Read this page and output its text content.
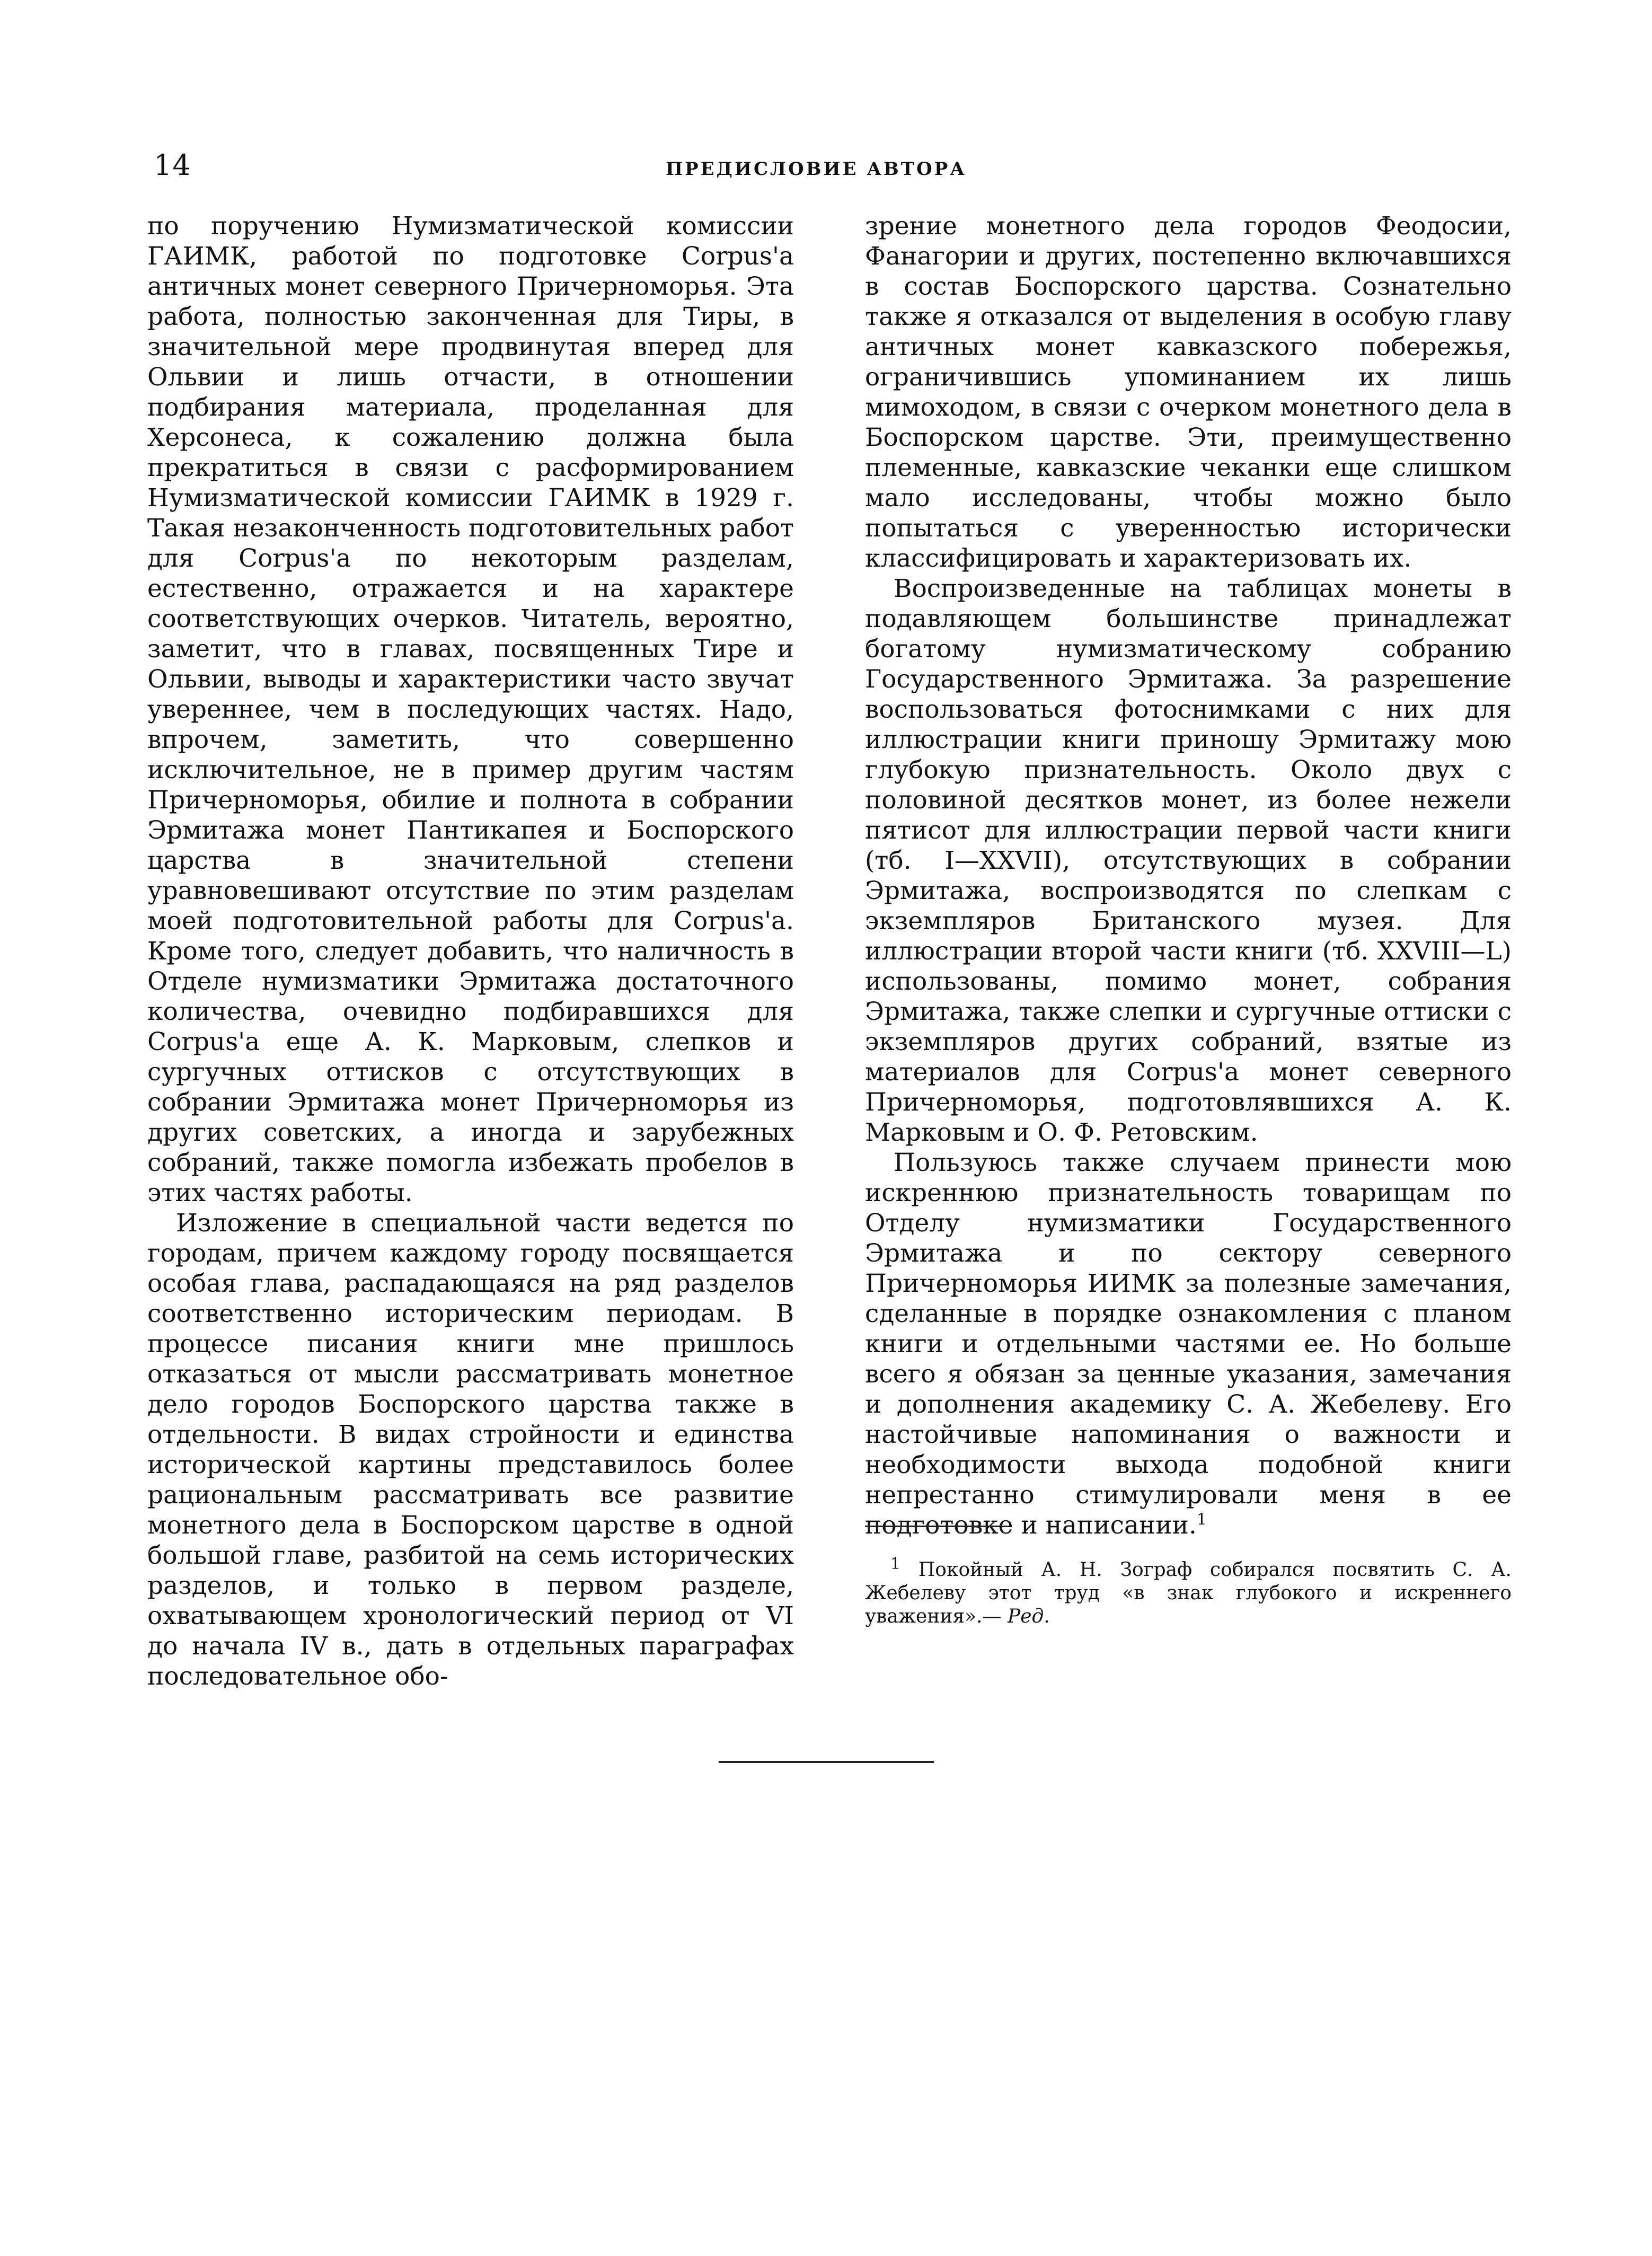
14	ПРЕДИСЛОВИЕ АВТОРА

по поручению Нумизматической комиссии ГАИМК, работой по подготовке Corpus'а античных монет северного Причерноморья. Эта работа, полностью законченная для Тиры, в значительной мере продвинутая вперед для Ольвии и лишь отчасти, в отношении подбирания материала, проделанная для Херсонеса, к сожалению должна была прекратиться в связи с расформированием Нумизматической комиссии ГАИМК в 1929 г. Такая незаконченность подготовительных работ для Corpus'а по некоторым разделам, естественно, отражается и на характере соответствующих очерков. Читатель, вероятно, заметит, что в главах, посвященных Тире и Ольвии, выводы и характеристики часто звучат увереннее, чем в последующих частях. Надо, впрочем, заметить, что совершенно исключительное, не в пример другим частям Причерноморья, обилие и полнота в собрании Эрмитажа монет Пантикапея и Боспорского царства в значительной степени уравновешивают отсутствие по этим разделам моей подготовительной работы для Corpus'а. Кроме того, следует добавить, что наличность в Отделе нумизматики Эрмитажа достаточного количества, очевидно подбиравшихся для Corpus'а еще А. К. Марковым, слепков и сургучных оттисков с отсутствующих в собрании Эрмитажа монет Причерноморья из других советских, а иногда и зарубежных собраний, также помогла избежать пробелов в этих частях работы.

Изложение в специальной части ведется по городам, причем каждому городу посвящается особая глава, распадающаяся на ряд разделов соответственно историческим периодам. В процессе писания книги мне пришлось отказаться от мысли рассматривать монетное дело городов Боспорского царства также в отдельности. В видах стройности и единства исторической картины представилось более рациональным рассматривать все развитие монетного дела в Боспорском царстве в одной большой главе, разбитой на семь исторических разделов, и только в первом разделе, охватывающем хронологический период от VI до начала IV в., дать в отдельных параграфах последовательное обо-

зрение монетного дела городов Феодосии, Фанагории и других, постепенно включавшихся в состав Боспорского царства. Сознательно также я отказался от выделения в особую главу античных монет кавказского побережья, ограничившись упоминанием их лишь мимоходом, в связи с очерком монетного дела в Боспорском царстве. Эти, преимущественно племенные, кавказские чеканки еще слишком мало исследованы, чтобы можно было попытаться с уверенностью исторически классифицировать и характеризовать их.

Воспроизведенные на таблицах монеты в подавляющем большинстве принадлежат богатому нумизматическому собранию Государственного Эрмитажа. За разрешение воспользоваться фотоснимками с них для иллюстрации книги приношу Эрмитажу мою глубокую признательность. Около двух с половиной десятков монет, из более нежели пятисот для иллюстрации первой части книги (тб. I—XXVII), отсутствующих в собрании Эрмитажа, воспроизводятся по слепкам с экземпляров Британского музея. Для иллюстрации второй части книги (тб. XXVIII—L) использованы, помимо монет, собрания Эрмитажа, также слепки и сургучные оттиски с экземпляров других собраний, взятые из материалов для Corpus'а монет северного Причерноморья, подготовлявшихся А. К. Марковым и О. Ф. Ретовским.

Пользуюсь также случаем принести мою искреннюю признательность товарищам по Отделу нумизматики Государственного Эрмитажа и по сектору северного Причерноморья ИИМК за полезные замечания, сделанные в порядке ознакомления с планом книги и отдельными частями ее. Но больше всего я обязан за ценные указания, замечания и дополнения академику С. А. Жебелеву. Его настойчивые напоминания о важности и необходимости выхода подобной книги непрестанно стимулировали меня в ее подготовке и написании.$^1$

$^1$ Покойный А. Н. Зограф собирался посвятить С. А. Жебелеву этот труд «в знак глубокого и искреннего уважения».— Ред.
